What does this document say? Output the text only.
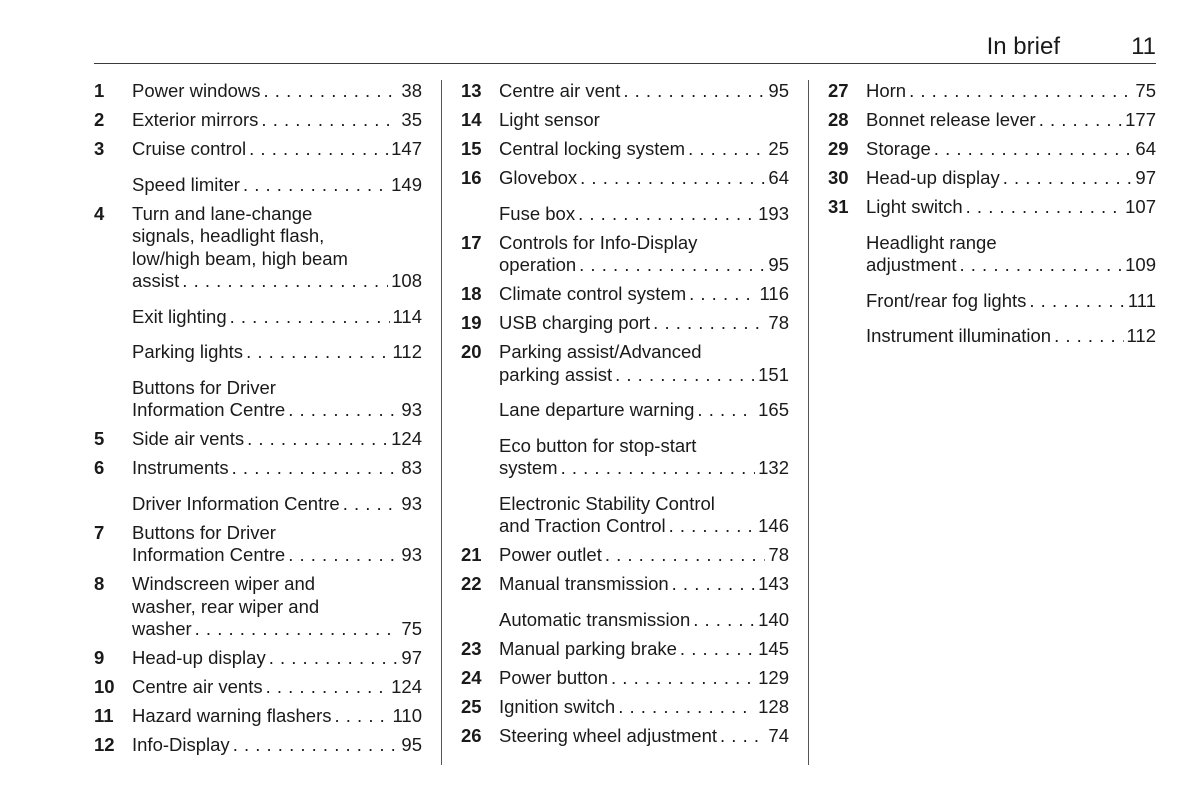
In brief	11
1 Power windows . . .	38
2 Exterior mirrors . . .	35
3 Cruise control . . .	147
Speed limiter . . .	149
4 Turn and lane-change
signals, headlight flash,
low/high beam, high beam
assist . . .	108
Exit lighting . . .	114
Parking lights . . .	112
Buttons for Driver
Information Centre . . .	93
5 Side air vents . . .	124
6 Instruments . . .	83
Driver Information Centre . . .	93
7 Buttons for Driver
Information Centre . . .	93
8 Windscreen wiper and
washer, rear wiper and
washer . . .	75
9 Head-up display . . .	97
10 Centre air vents . . .	124
11 Hazard warning flashers . . .	110
12 Info-Display . . .	95
13 Centre air vent . . .	95
14 Light sensor
15 Central locking system . . .	25
16 Glovebox . . .	64
Fuse box . . .	193
17 Controls for Info-Display
operation . . .	95
18 Climate control system . . .	116
19 USB charging port . . .	78
20 Parking assist/Advanced
parking assist . . .	151
Lane departure warning . . .	165
Eco button for stop-start
system . . .	132
Electronic Stability Control
and Traction Control . . .	146
21 Power outlet . . .	78
22 Manual transmission . . .	143
Automatic transmission . . .	140
23 Manual parking brake . . .	145
24 Power button . . .	129
25 Ignition switch . . .	128
26 Steering wheel adjustment . . .	74
27 Horn . . .	75
28 Bonnet release lever . . .	177
29 Storage . . .	64
30 Head-up display . . .	97
31 Light switch . . .	107
Headlight range
adjustment . . .	109
Front/rear fog lights . . .	111
Instrument illumination . . .	112
